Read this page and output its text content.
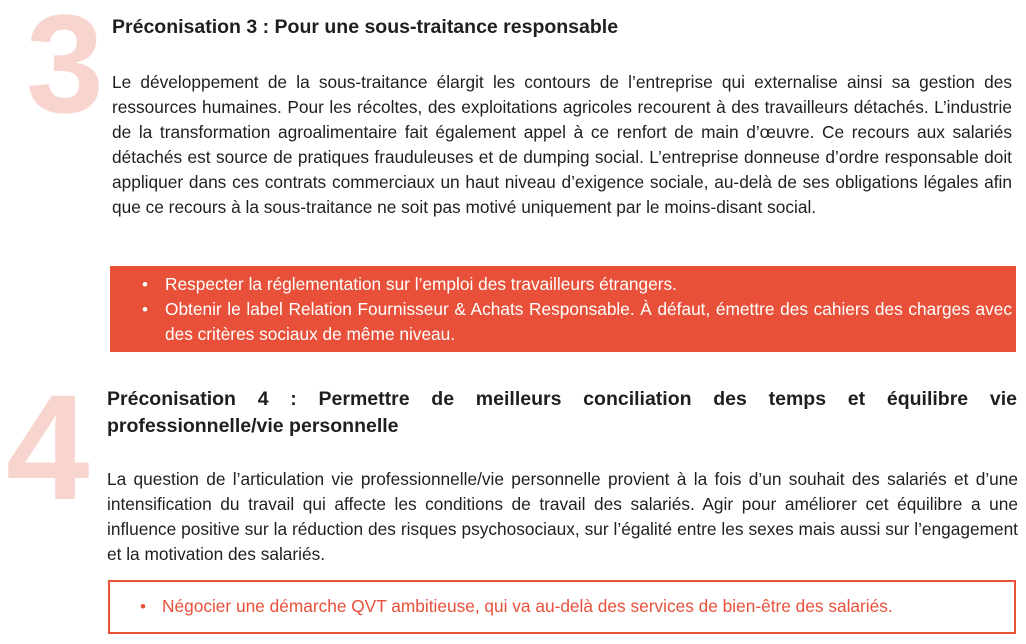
3
4
Préconisation 3 : Pour une sous-traitance responsable
Le développement de la sous-traitance élargit les contours de l’entreprise qui externalise ainsi sa gestion des ressources humaines. Pour les récoltes, des exploitations agricoles recourent à des travailleurs détachés. L’industrie de la transformation agroalimentaire fait également appel à ce renfort de main d’œuvre. Ce recours aux salariés détachés est source de pratiques frauduleuses et de dumping social. L’entreprise donneuse d’ordre responsable doit appliquer dans ces contrats commerciaux un haut niveau d’exigence sociale, au-delà de ses obligations légales afin que ce recours à la sous-traitance ne soit pas motivé uniquement par le moins-disant social.
• Respecter la réglementation sur l’emploi des travailleurs étrangers.
• Obtenir le label Relation Fournisseur & Achats Responsable. À défaut, émettre des cahiers des charges avec des critères sociaux de même niveau.
Préconisation 4 : Permettre de meilleurs conciliation des temps et équilibre vie professionnelle/vie personnelle
La question de l’articulation vie professionnelle/vie personnelle provient à la fois d’un souhait des salariés et d’une intensification du travail qui affecte les conditions de travail des salariés. Agir pour améliorer cet équilibre a une influence positive sur la réduction des risques psychosociaux, sur l’égalité entre les sexes mais aussi sur l’engagement et la motivation des salariés.
• Négocier une démarche QVT ambitieuse, qui va au-delà des services de bien-être des salariés.
